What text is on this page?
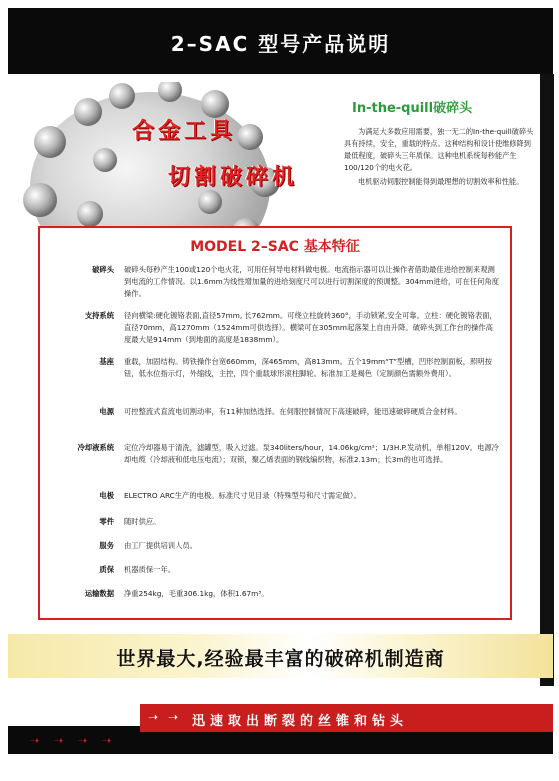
2–SAC 型号产品说明
合金工具
切割破碎机
In-the-quill破碎头

为满足大多数应用需要，独一无二的In-the-quill破碎头具有持续，安全，重载的特点。这种结构和设计使维修降到最低程度，破碎头三年质保。这种电机系统每秒能产生100/120个的电火花。

电机驱动伺服控制能得到最理想的切割效率和性能。

MODEL 2–SAC 基本特征
破碎头 破碎头每秒产生100或120个电火花，可用任何导电材料做电极。电流指示器可以让操作者借助最佳进给控制来观测到电流的工作情况。以1.6mm为线性增加量的进给刻度尺可以进行切割深度的预调整。304mm进给，可在任何角度操作。
支持系统 径向横梁:硬化镀铬表面,直径57mm, 长762mm。可绕立柱旋转360°，手动锁紧,安全可靠。立柱：硬化镀铬表面，直径70mm，高1270mm（1524mm可供选择）。横梁可在305mm起落架上自由升降。破碎头到工作台的操作高度最大是914mm（到地面的高度是1838mm）。
基座 重载，加固结构。铸铁操作台宽660mm，深465mm，高813mm。五个19mm“T”型槽，凹形控制面板，照明按钮，低水位指示灯，外缩线，主控，四个重载球形滚柱脚轮。标准加工是褐色（定制颜色需额外费用）。
电源 可控整流式直流电切割动率，有11种加热选择。在伺服控制情况下高速破碎，能迅速破碎硬质合金材料。
冷却液系统 定位冷却器易于清洗，滤罐型，吸入过滤。泵340liters/hour，14.06kg/cm²；1/3H.P.发动机，单相120V。电源冷却电缆（冷却液和低电压电流）；双锁，聚乙烯表面的钢线编织物，标准2.13m；长3m的也可选择。
电极 ELECTRO ARC生产的电极。标准尺寸见目录（特殊型号和尺寸需定做）。
零件 随时供应。
服务 由工厂提供培训人员。
质保 机器质保一年。
运输数据 净重254kg，毛重306.1kg，体积1.67m³。
世界最大,经验最丰富的破碎机制造商
➝ ➝ ➝ ➝
➝ ➝ 迅速取出断裂的丝锥和钻头
